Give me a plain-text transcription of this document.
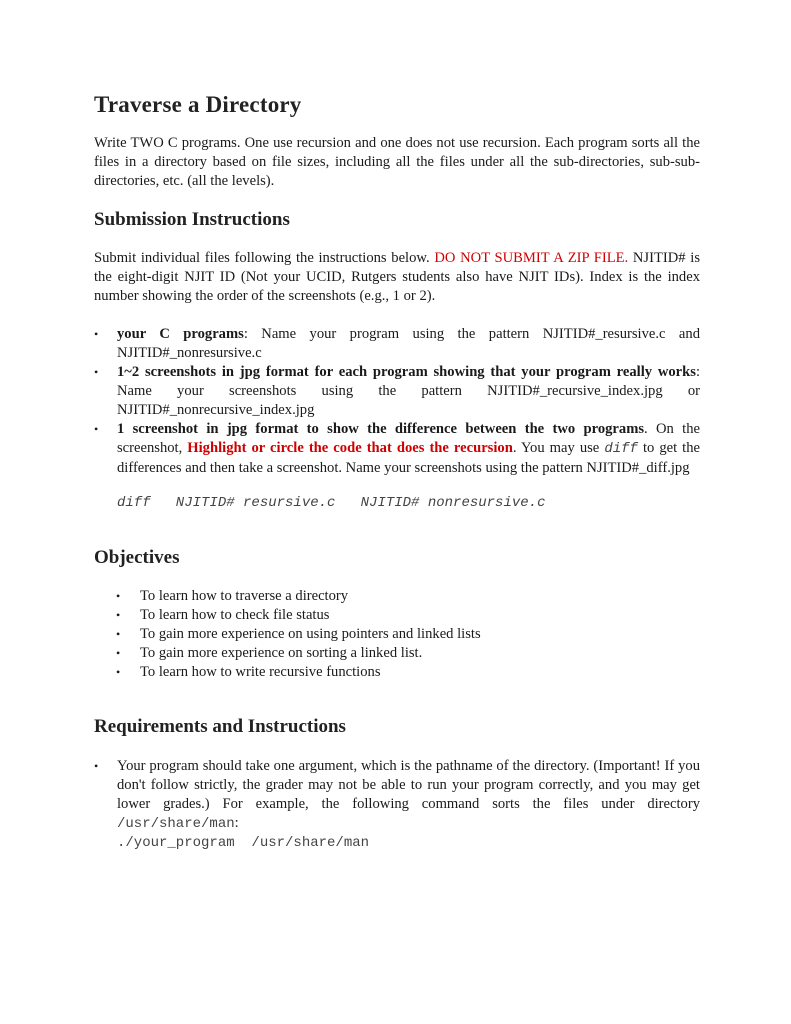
Traverse a Directory

Write TWO C programs. One use recursion and one does not use recursion. Each program sorts all the files in a directory based on file sizes, including all the files under all the sub-directories, sub-sub-directories, etc. (all the levels).

Submission Instructions

Submit individual files following the instructions below. DO NOT SUBMIT A ZIP FILE. NJITID# is the eight-digit NJIT ID (Not your UCID, Rutgers students also have NJIT IDs). Index is the index number showing the order of the screenshots (e.g., 1 or 2).

• your C programs: Name your program using the pattern NJITID#_resursive.c and NJITID#_nonresursive.c
• 1~2 screenshots in jpg format for each program showing that your program really works: Name your screenshots using the pattern NJITID#_recursive_index.jpg or NJITID#_nonrecursive_index.jpg
• 1 screenshot in jpg format to show the difference between the two programs. On the screenshot, Highlight or circle the code that does the recursion. You may use diff to get the differences and then take a screenshot. Name your screenshots using the pattern NJITID#_diff.jpg
diff   NJITID# resursive.c   NJITID# nonresursive.c
Objectives
• To learn how to traverse a directory
• To learn how to check file status
• To gain more experience on using pointers and linked lists
• To gain more experience on sorting a linked list.
• To learn how to write recursive functions
Requirements and Instructions
• Your program should take one argument, which is the pathname of the directory. (Important! If you don't follow strictly, the grader may not be able to run your program correctly, and you may get lower grades.) For example, the following command sorts the files under directory /usr/share/man:
./your_program  /usr/share/man
